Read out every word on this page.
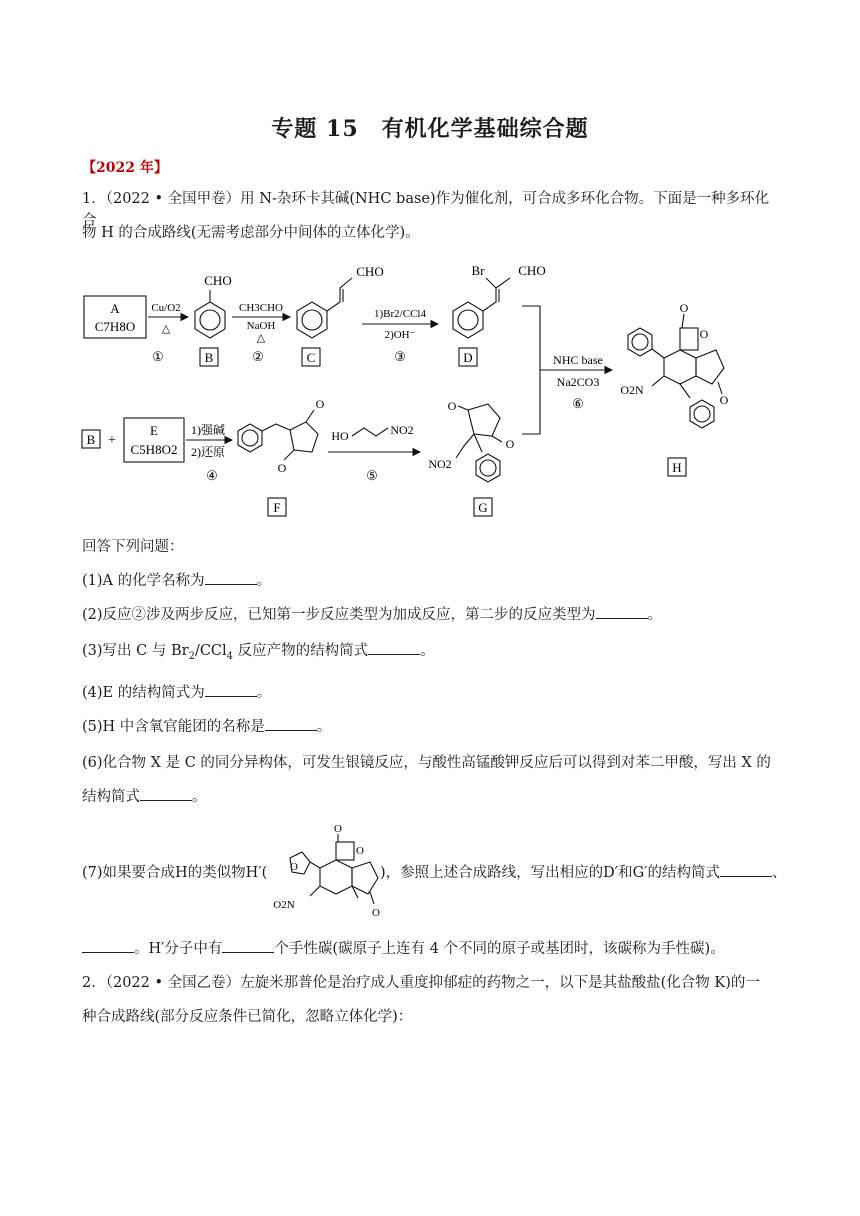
专题 15　有机化学基础综合题
【2022 年】
1．（2022 • 全国甲卷）用 N-杂环卡其碱(NHC base)作为催化剂，可合成多环化合物。下面是一种多环化合
物 H 的合成路线(无需考虑部分中间体的立体化学)。
A
C7H8O
Cu/O2
△
①
CHO
B
CH3CHO
NaOH
△
②
CHO
C
1)Br2/CCl4
2)OH⁻
③
Br	CHO
D	NHC base
Na2CO3
⑥
O
O
O
O2N
H
B +
E
C5H8O2
1)强碱
2)还原
④
O
O
F
HO	NO2
⑤
O
O
NO2
G
回答下列问题：
(1)A 的化学名称为	。
(2)反应②涉及两步反应，已知第一步反应类型为加成反应，第二步的反应类型为	。
(3)写出 C 与 $Br_2/CCl_4$ 反应产物的结构简式	。
(4)E 的结构简式为	。
(5)H 中含氧官能团的名称是	。
(6)化合物 X 是 C 的同分异构体，可发生银镜反应，与酸性高锰酸钾反应后可以得到对苯二甲酸，写出 X 的
结构简式	。
(7)如果要合成H的类似物H′(	O
O
O
O
O2N
)，参照上述合成路线，写出相应的D′和G′的结构简式	、
。H′分子中有	个手性碳(碳原子上连有 4 个不同的原子或基团时，该碳称为手性碳)。
2．（2022 • 全国乙卷）左旋米那普伦是治疗成人重度抑郁症的药物之一，以下是其盐酸盐(化合物 K)的一
种合成路线(部分反应条件已简化，忽略立体化学)：
